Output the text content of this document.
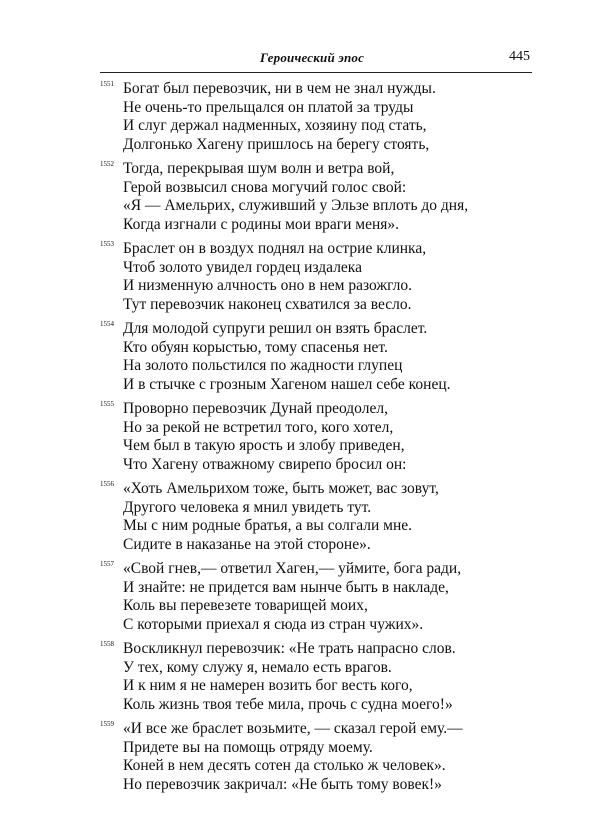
Героический эпос	445
1551 Богат был перевозчик, ни в чем не знал нужды.
Не очень-то прельщался он платой за труды
И слуг держал надменных, хозяину под стать,
Долгонько Хагену пришлось на берегу стоять,
1552 Тогда, перекрывая шум волн и ветра вой,
Герой возвысил снова могучий голос свой:
«Я — Амельрих, служивший у Эльзе вплоть до дня,
Когда изгнали с родины мои враги меня».
1553 Браслет он в воздух поднял на острие клинка,
Чтоб золото увидел гордец издалека
И низменную алчность оно в нем разожгло.
Тут перевозчик наконец схватился за весло.
1554 Для молодой супруги решил он взять браслет.
Кто обуян корыстью, тому спасенья нет.
На золото польстился по жадности глупец
И в стычке с грозным Хагеном нашел себе конец.
1555 Проворно перевозчик Дунай преодолел,
Но за рекой не встретил того, кого хотел,
Чем был в такую ярость и злобу приведен,
Что Хагену отважному свирепо бросил он:
1556 «Хоть Амельрихом тоже, быть может, вас зовут,
Другого человека я мнил увидеть тут.
Мы с ним родные братья, а вы солгали мне.
Сидите в наказанье на этой стороне».
1557 «Свой гнев,— ответил Хаген,— уймите, бога ради,
И знайте: не придется вам нынче быть в накладе,
Коль вы перевезете товарищей моих,
С которыми приехал я сюда из стран чужих».
1558 Воскликнул перевозчик: «Не трать напрасно слов.
У тех, кому служу я, немало есть врагов.
И к ним я не намерен возить бог весть кого,
Коль жизнь твоя тебе мила, прочь с судна моего!»
1559 «И все же браслет возьмите, — сказал герой ему.—
Придете вы на помощь отряду моему.
Коней в нем десять сотен да столько ж человек».
Но перевозчик закричал: «Не быть тому вовек!»
